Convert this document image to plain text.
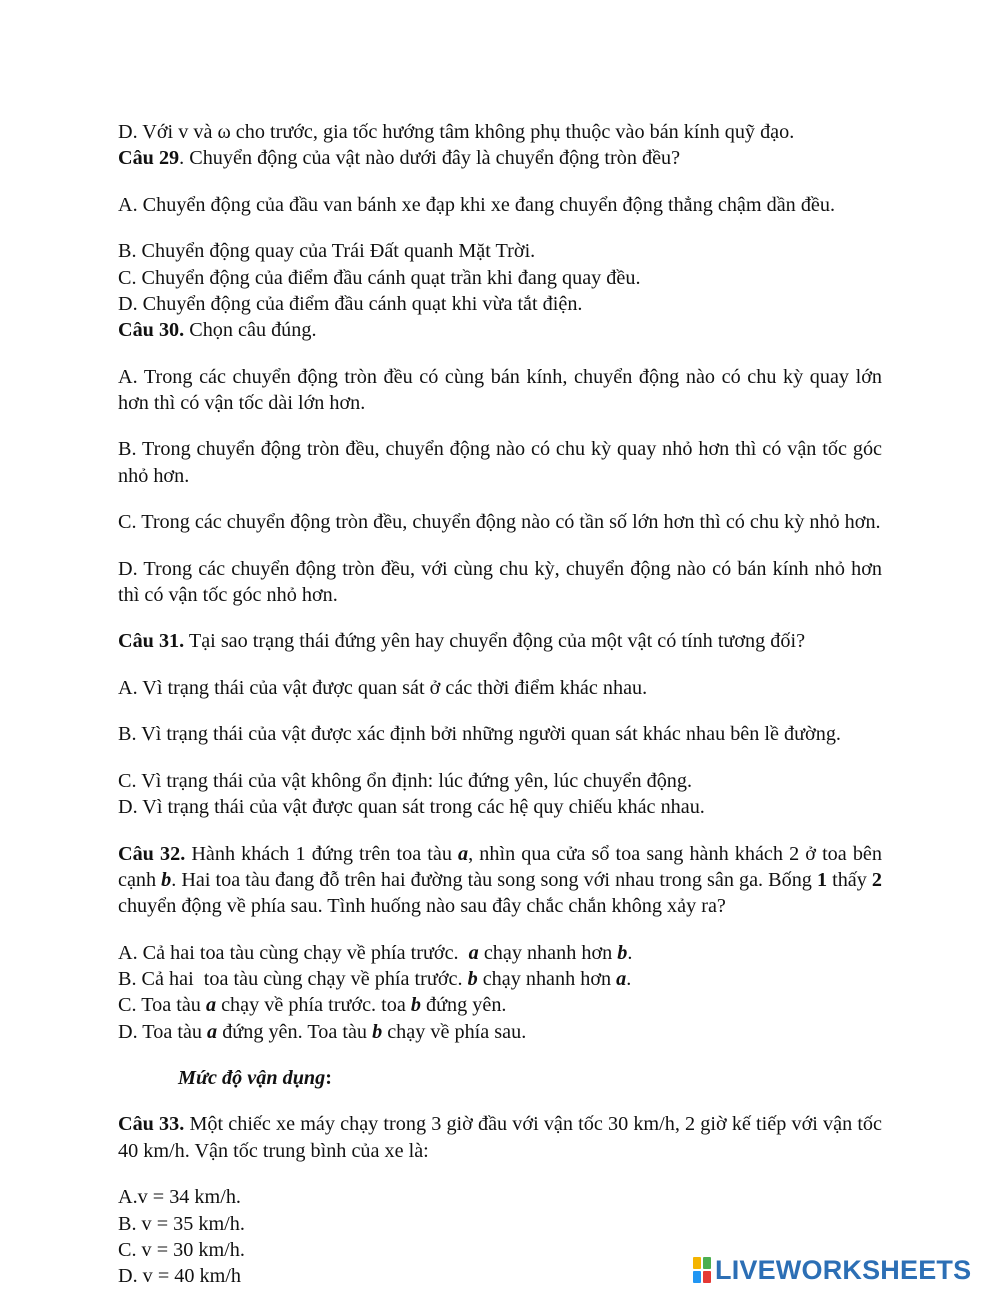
D. Với v và ω cho trước, gia tốc hướng tâm không phụ thuộc vào bán kính quỹ đạo.

Câu 29. Chuyển động của vật nào dưới đây là chuyển động tròn đều?

A. Chuyển động của đầu van bánh xe đạp khi xe đang chuyển động thẳng chậm dần đều.

B. Chuyển động quay của Trái Đất quanh Mặt Trời.

C. Chuyển động của điểm đầu cánh quạt trần khi đang quay đều.

D. Chuyển động của điểm đầu cánh quạt khi vừa tắt điện.

Câu 30. Chọn câu đúng.

A. Trong các chuyển động tròn đều có cùng bán kính, chuyển động nào có chu kỳ quay lớn hơn thì có vận tốc dài lớn hơn.

B. Trong chuyển động tròn đều, chuyển động nào có chu kỳ quay nhỏ hơn thì có vận tốc góc nhỏ hơn.

C. Trong các chuyển động tròn đều, chuyển động nào có tần số lớn hơn thì có chu kỳ nhỏ hơn.

D. Trong các chuyển động tròn đều, với cùng chu kỳ, chuyển động nào có bán kính nhỏ hơn thì có vận tốc góc nhỏ hơn.

Câu 31. Tại sao trạng thái đứng yên hay chuyển động của một vật có tính tương đối?

A. Vì trạng thái của vật được quan sát ở các thời điểm khác nhau.

B. Vì trạng thái của vật được xác định bởi những người quan sát khác nhau bên lề đường.

C. Vì trạng thái của vật không ổn định: lúc đứng yên, lúc chuyển động.

D. Vì trạng thái của vật được quan sát trong các hệ quy chiếu khác nhau.

Câu 32. Hành khách 1 đứng trên toa tàu a, nhìn qua cửa sổ toa sang hành khách 2 ở toa bên cạnh b. Hai toa tàu đang đỗ trên hai đường tàu song song với nhau trong sân ga. Bống 1 thấy 2 chuyển động về phía sau. Tình huống nào sau đây chắc chắn không xảy ra?

A. Cả hai toa tàu cùng chạy về phía trước.  a chạy nhanh hơn b.

B. Cả hai  toa tàu cùng chạy về phía trước. b chạy nhanh hơn a.

C. Toa tàu a chạy về phía trước. toa b đứng yên.

D. Toa tàu a đứng yên. Toa tàu b chạy về phía sau.

Mức độ vận dụng:

Câu 33. Một chiếc xe máy chạy trong 3 giờ đầu với vận tốc 30 km/h, 2 giờ kế tiếp với vận tốc 40 km/h. Vận tốc trung bình của xe là:

A.v = 34 km/h.

B. v = 35 km/h.

C. v = 30 km/h.

D. v = 40 km/h	LIVEWORKSHEETS
